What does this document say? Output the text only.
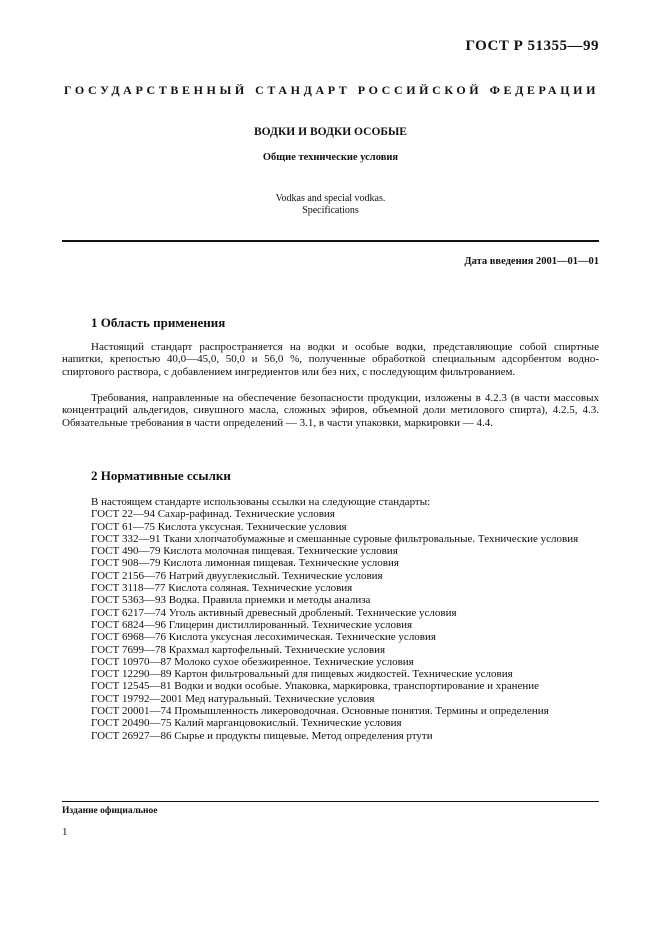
ГОСТ Р 51355—99
ГОСУДАРСТВЕННЫЙ СТАНДАРТ РОССИЙСКОЙ ФЕДЕРАЦИИ
ВОДКИ И ВОДКИ ОСОБЫЕ
Общие технические условия
Vodkas and special vodkas.
Specifications
Дата введения 2001—01—01
1 Область применения
Настоящий стандарт распространяется на водки и особые водки, представляющие собой спиртные напитки, крепостью 40,0—45,0, 50,0 и 56,0 %, полученные обработкой специальным адсорбентом водно-спиртового раствора, с добавлением ингредиентов или без них, с последующим фильтрованием.
Требования, направленные на обеспечение безопасности продукции, изложены в 4.2.3 (в части массовых концентраций альдегидов, сивушного масла, сложных эфиров, объемной доли метилового спирта), 4.2.5, 4.3. Обязательные требования в части определений — 3.1, в части упаковки, маркировки — 4.4.
2 Нормативные ссылки
В настоящем стандарте использованы ссылки на следующие стандарты:
ГОСТ 22—94 Сахар-рафинад. Технические условия
ГОСТ 61—75 Кислота уксусная. Технические условия
ГОСТ 332—91 Ткани хлопчатобумажные и смешанные суровые фильтровальные. Технические условия
ГОСТ 490—79 Кислота молочная пищевая. Технические условия
ГОСТ 908—79 Кислота лимонная пищевая. Технические условия
ГОСТ 2156—76 Натрий двууглекислый. Технические условия
ГОСТ 3118—77 Кислота соляная. Технические условия
ГОСТ 5363—93 Водка. Правила приемки и методы анализа
ГОСТ 6217—74 Уголь активный древесный дробленый. Технические условия
ГОСТ 6824—96 Глицерин дистиллированный. Технические условия
ГОСТ 6968—76 Кислота уксусная лесохимическая. Технические условия
ГОСТ 7699—78 Крахмал картофельный. Технические условия
ГОСТ 10970—87 Молоко сухое обезжиренное. Технические условия
ГОСТ 12290—89 Картон фильтровальный для пищевых жидкостей. Технические условия
ГОСТ 12545—81 Водки и водки особые. Упаковка, маркировка, транспортирование и хранение
ГОСТ 19792—2001 Мед натуральный. Технические условия
ГОСТ 20001—74 Промышленность ликероводочная. Основные понятия. Термины и определения
ГОСТ 20490—75 Калий марганцовокислый. Технические условия
ГОСТ 26927—86 Сырье и продукты пищевые. Метод определения ртути
Издание официальное
1
